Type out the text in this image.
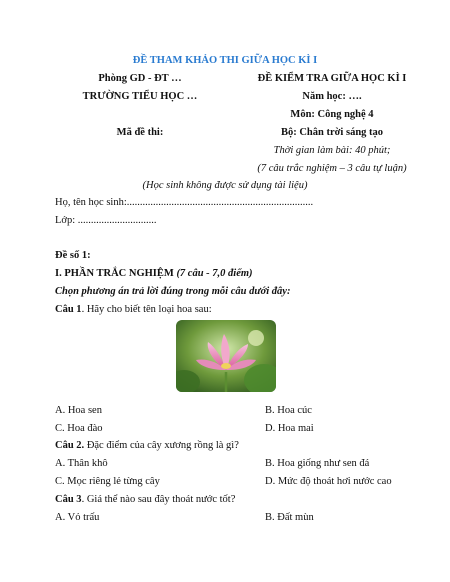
ĐỀ THAM KHẢO THI GIỮA HỌC KÌ I
Phòng GD - ĐT …
TRƯỜNG TIỂU HỌC …
Mã đề thi:
ĐỀ KIỂM TRA GIỮA HỌC KÌ I
Năm học: ….
Môn: Công nghệ 4
Bộ: Chân trời sáng tạo
Thời gian làm bài: 40 phút;
(7 câu trắc nghiệm – 3 câu tự luận)
(Học sinh không được sử dụng tài liệu)
Họ, tên học sinh:.......................................................................
Lớp: ..............................
Đề số 1:
I. PHẦN TRẮC NGHIỆM (7 câu - 7,0 điểm)
Chọn phương án trả lời đúng trong mỗi câu dưới đây:
Câu 1. Hãy cho biết tên loại hoa sau:
A. Hoa sen	B. Hoa cúc
C. Hoa đào	D. Hoa mai
Câu 2. Đặc điểm của cây xương rồng là gì?
A. Thân khô	B. Hoa giống như sen đá
C. Mọc riêng lẻ từng cây	D. Mức độ thoát hơi nước cao
Câu 3. Giá thể nào sau đây thoát nước tốt?
A. Vỏ trấu	B. Đất mùn
